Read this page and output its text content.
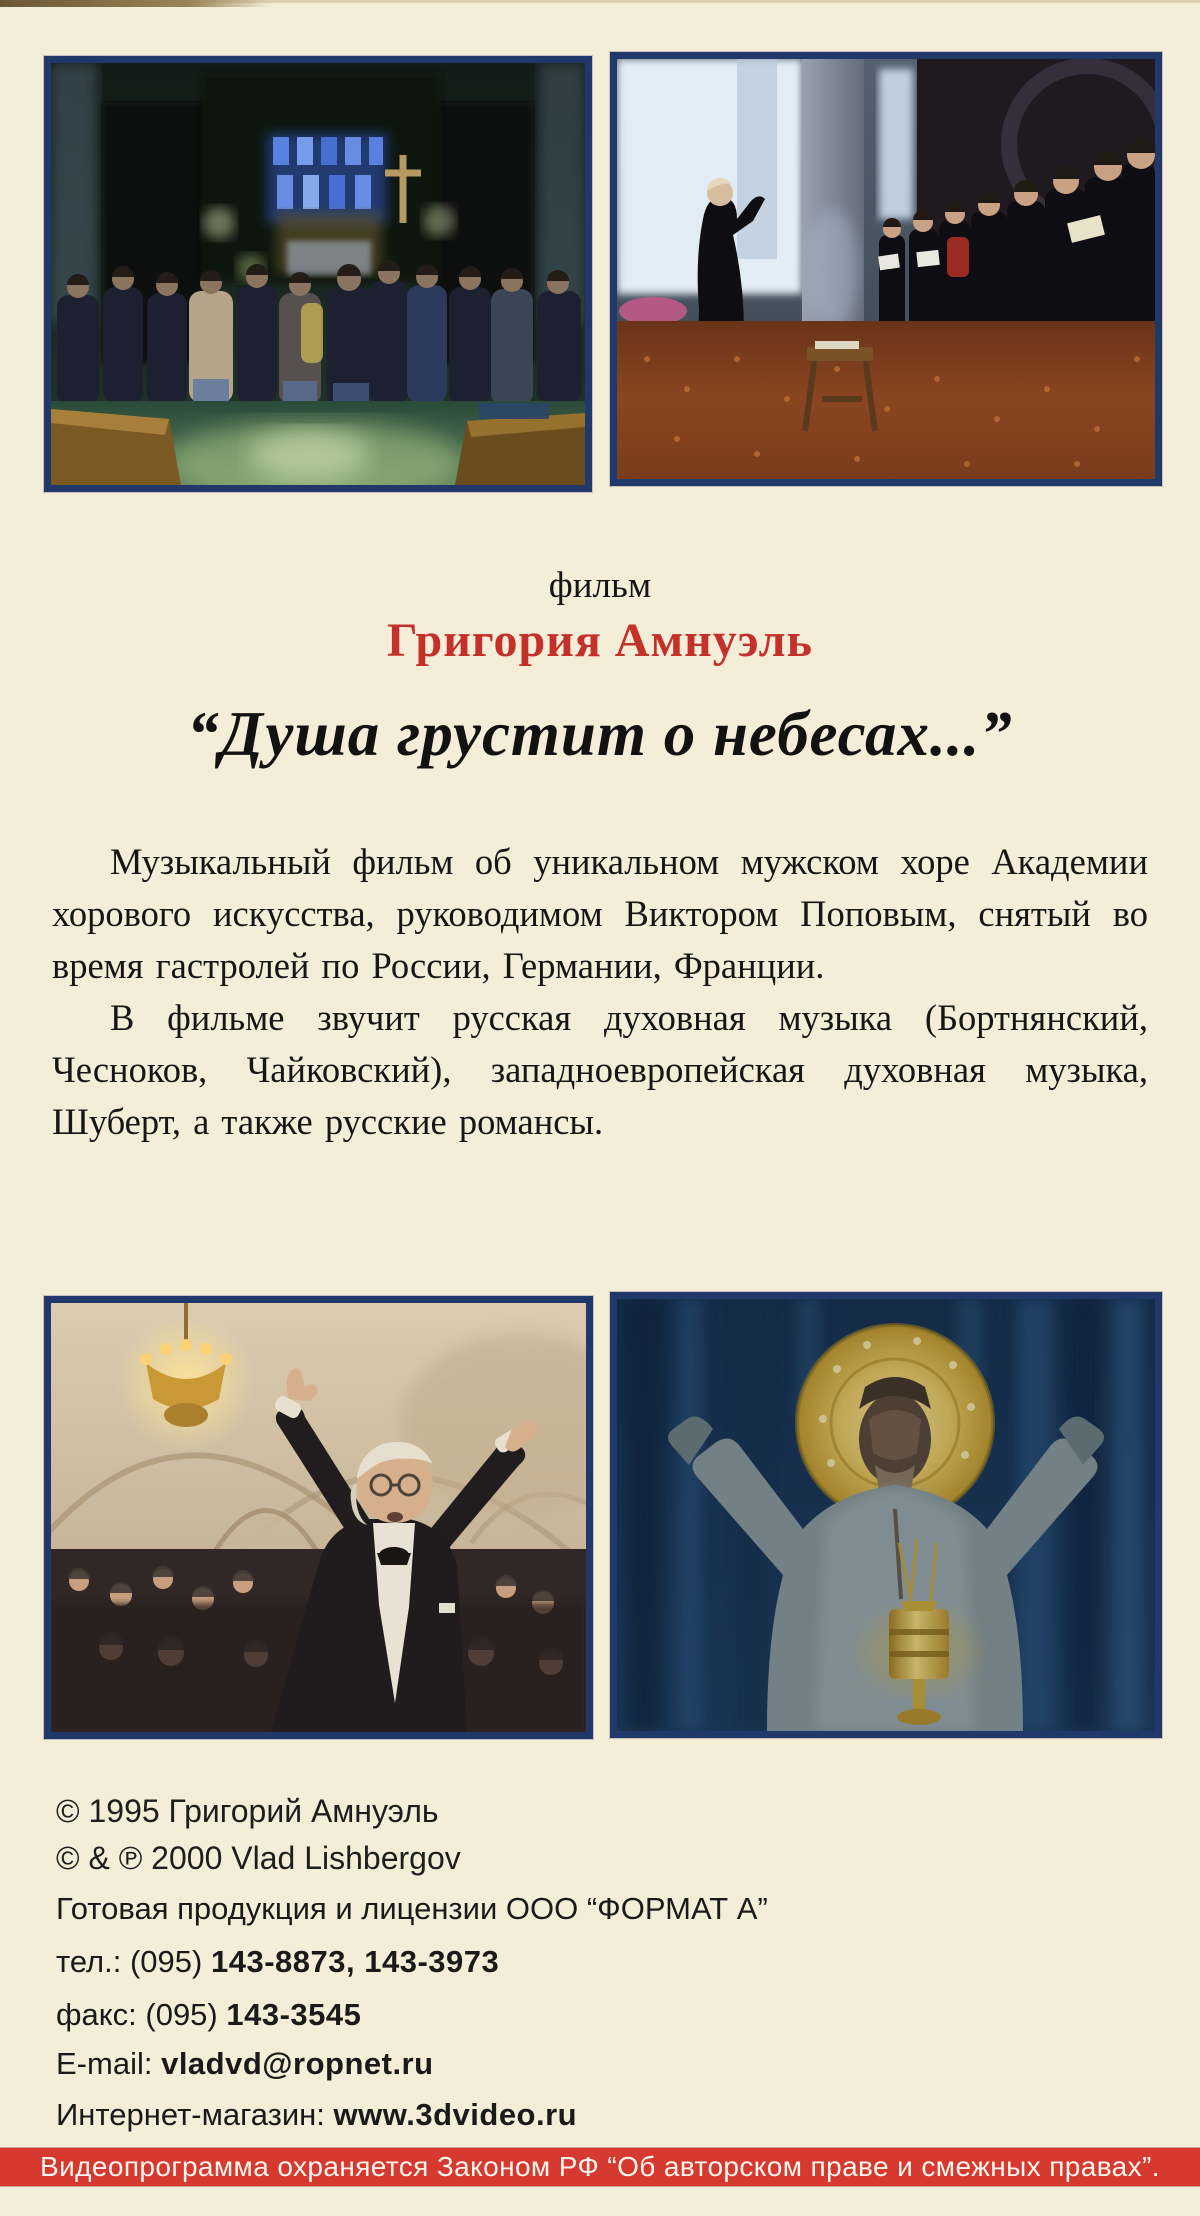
фильм
Григория Амнуэль
“Душа грустит о небесах...”

Музыкальный фильм об уникальном мужском хоре Академии хорового искусства, руководимом Виктором Поповым, снятый во время гастролей по России, Германии, Франции.

В фильме звучит русская духовная музыка (Бортнянский, Чесноков, Чайковский), западноевропейская духовная музыка, Шуберт, а также русские романсы.

© 1995 Григорий Амнуэль
© & ℗ 2000 Vlad Lishbergov
Готовая продукция и лицензии ООО “ФОРМАТ А”
тел.: (095) 143-8873, 143-3973
факс: (095) 143-3545
E-mail: vladvd@ropnet.ru
Интернет-магазин: www.3dvideo.ru
Видеопрограмма охраняется Законом РФ “Об авторском праве и смежных правах”.
